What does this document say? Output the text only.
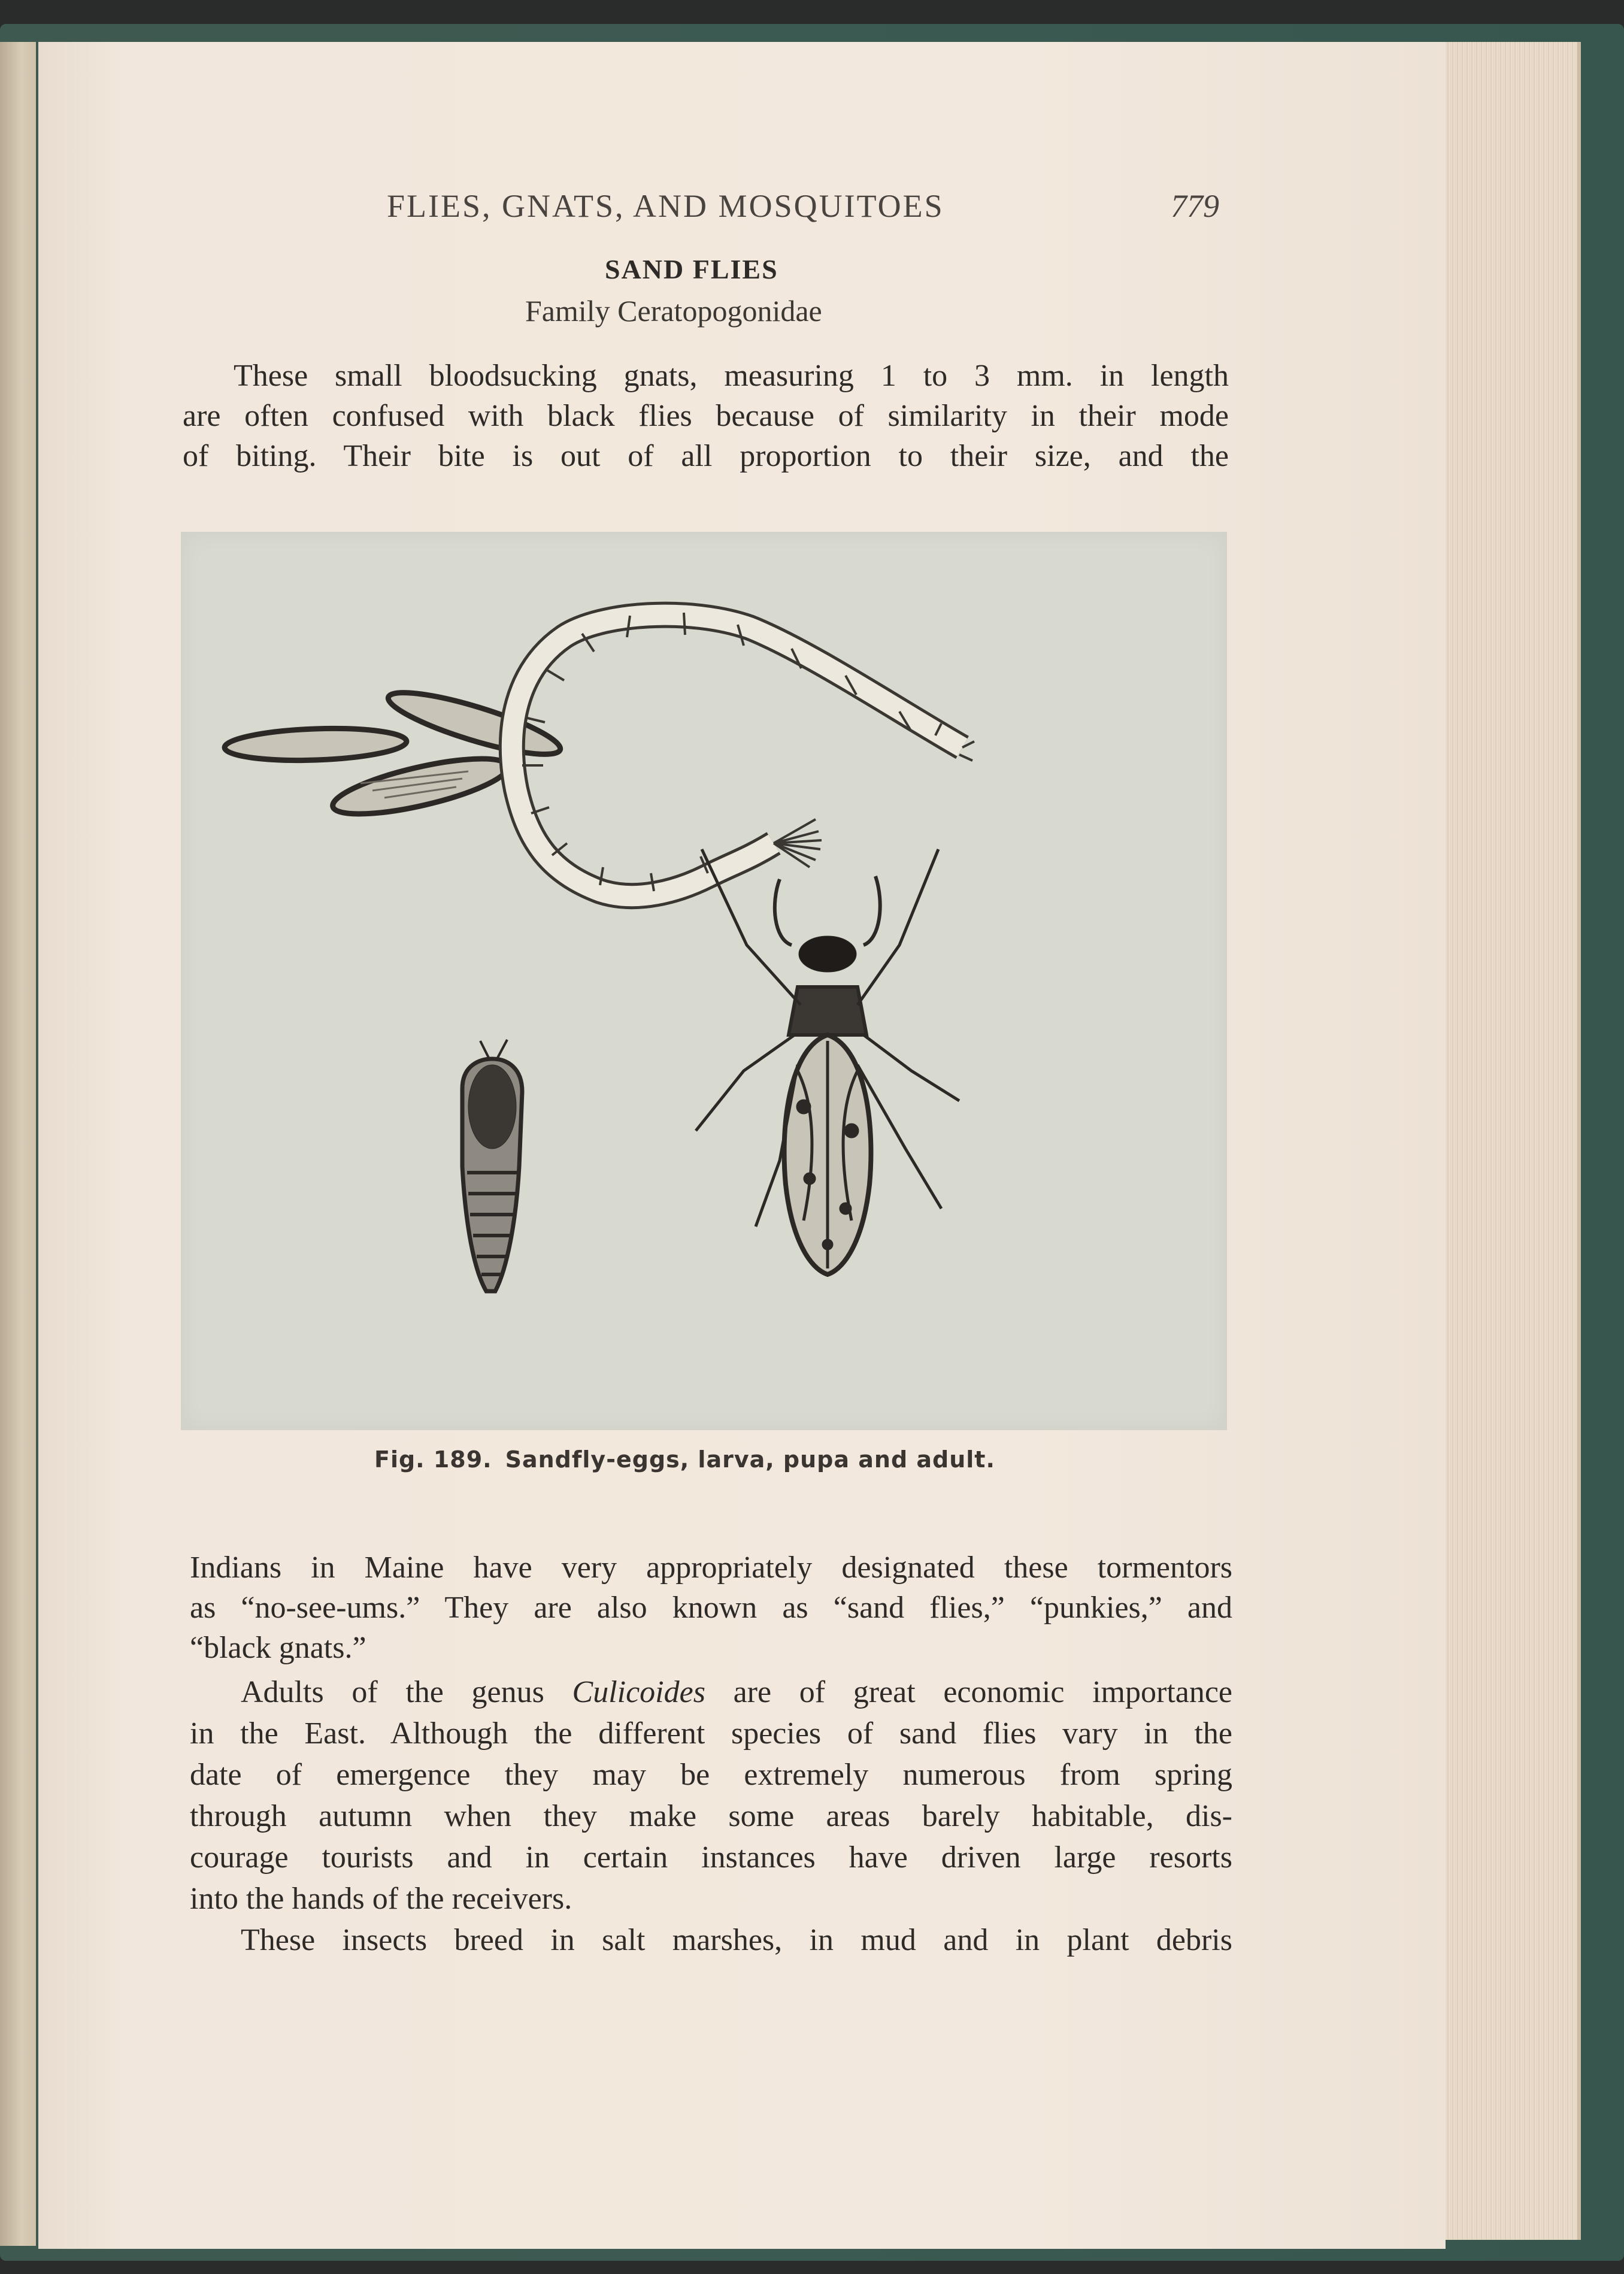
FLIES, GNATS, AND MOSQUITOES	779
SAND FLIES
Family Ceratopogonidae
These small bloodsucking gnats, measuring 1 to 3 mm. in length
are often confused with black flies because of similarity in their mode
of biting. Their bite is out of all proportion to their size, and the
Fig. 189. Sandfly-eggs, larva, pupa and adult.
Indians in Maine have very appropriately designated these tormentors
as “no-see-ums.” They are also known as “sand flies,” “punkies,” and
“black gnats.”
Adults of the genus Culicoides are of great economic importance
in the East. Although the different species of sand flies vary in the
date of emergence they may be extremely numerous from spring
through autumn when they make some areas barely habitable, dis-
courage tourists and in certain instances have driven large resorts
into the hands of the receivers.
These insects breed in salt marshes, in mud and in plant debris
